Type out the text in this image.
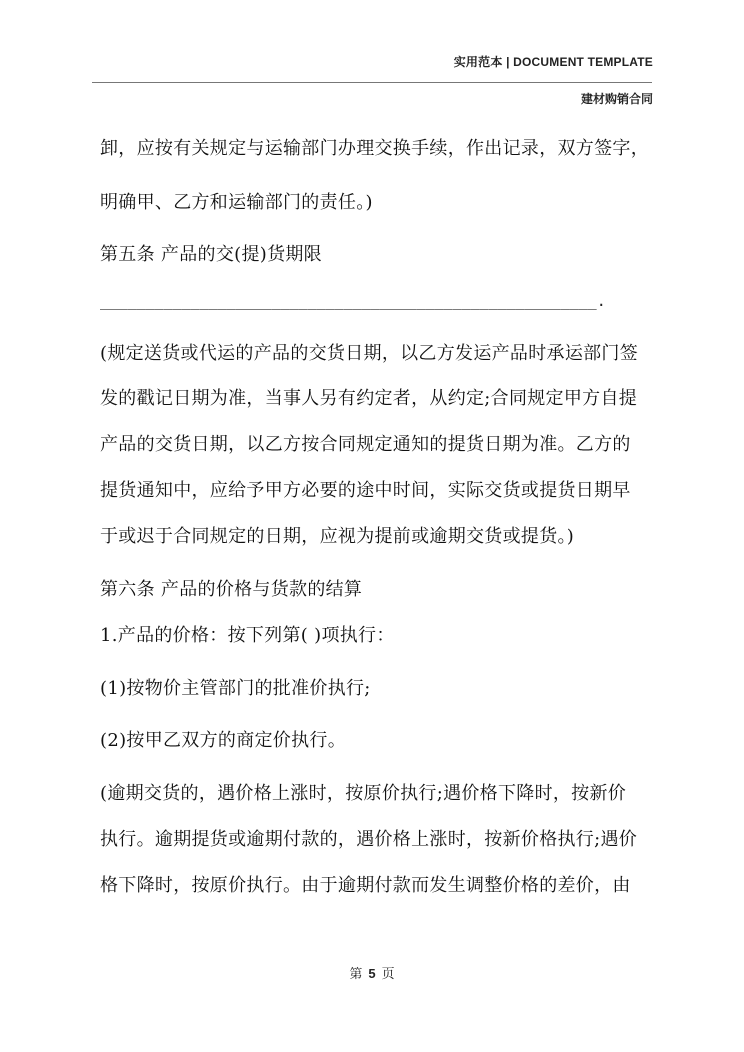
实用范本 | DOCUMENT TEMPLATE
建材购销合同

卸，应按有关规定与运输部门办理交换手续，作出记录，双方签字，

明确甲、乙方和运输部门的责任。)

第五条 产品的交(提)货期限

_______________________________________________________.

(规定送货或代运的产品的交货日期，以乙方发运产品时承运部门签

发的戳记日期为准，当事人另有约定者，从约定;合同规定甲方自提

产品的交货日期，以乙方按合同规定通知的提货日期为准。乙方的

提货通知中，应给予甲方必要的途中时间，实际交货或提货日期早

于或迟于合同规定的日期，应视为提前或逾期交货或提货。)

第六条 产品的价格与货款的结算

1.产品的价格：按下列第( )项执行：

(1)按物价主管部门的批准价执行;

(2)按甲乙双方的商定价执行。

(逾期交货的，遇价格上涨时，按原价执行;遇价格下降时，按新价

执行。逾期提货或逾期付款的，遇价格上涨时，按新价格执行;遇价

格下降时，按原价执行。由于逾期付款而发生调整价格的差价，由

第 5 页
